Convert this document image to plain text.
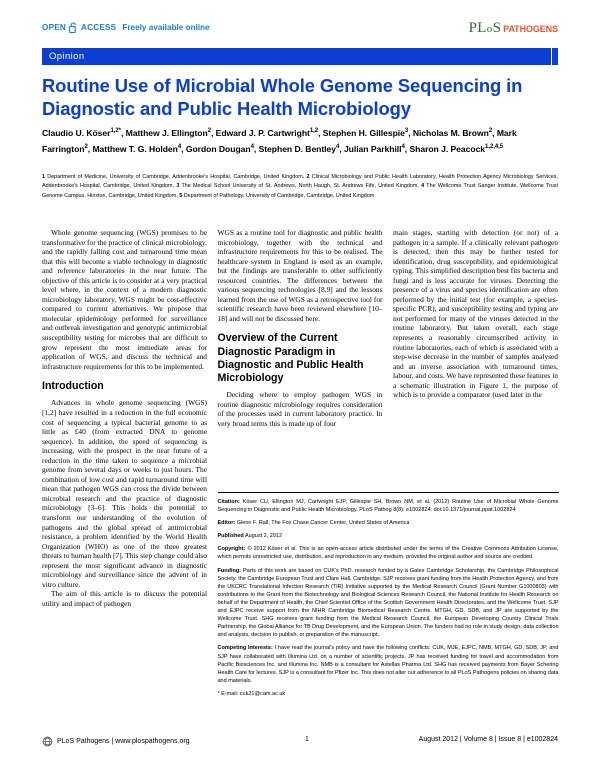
OPEN ACCESS Freely available online	PLoS PATHOGENS
Opinion
Routine Use of Microbial Whole Genome Sequencing in Diagnostic and Public Health Microbiology
Claudio U. Köser$^{1,2*}$, Matthew J. Ellington$^2$, Edward J. P. Cartwright$^{1,2}$, Stephen H. Gillespie$^3$, Nicholas M. Brown$^2$, Mark Farrington$^2$, Matthew T. G. Holden$^4$, Gordon Dougan$^4$, Stephen D. Bentley$^4$, Julian Parkhill$^4$, Sharon J. Peacock$^{1,2,4,5}$
1 Department of Medicine, University of Cambridge, Addenbrooke's Hospital, Cambridge, United Kingdom, 2 Clinical Microbiology and Public Health Laboratory, Health Protection Agency Microbiology Services, Addenbrooke's Hospital, Cambridge, United Kingdom, 3 The Medical School University of St. Andrews, North Haugh, St. Andrews Fife, United Kingdom, 4 The Wellcome Trust Sanger Institute, Wellcome Trust Genome Campus, Hinxton, Cambridge, United Kingdom, 5 Department of Pathology, University of Cambridge, Cambridge, United Kingdom

Whole genome sequencing (WGS) promises to be transformative for the practice of clinical microbiology, and the rapidly falling cost and turnaround time mean that this will become a viable technology in diagnostic and reference laboratories in the near future. The objective of this article is to consider at a very practical level where, in the context of a modern diagnostic microbiology laboratory, WGS might be cost-effective compared to current alternatives. We propose that molecular epidemiology performed for surveillance and outbreak investigation and genotypic antimicrobial susceptibility testing for microbes that are difficult to grow represent the most immediate areas for application of WGS, and discuss the technical and infrastructure requirements for this to be implemented.

Introduction

Advances in whole genome sequencing (WGS) [1,2] have resulted in a reduction in the full economic cost of sequencing a typical bacterial genome to as little as £40 (from extracted DNA to genome sequence). In addition, the speed of sequencing is increasing, with the prospect in the near future of a reduction in the time taken to sequence a microbial genome from several days or weeks to just hours. The combination of low cost and rapid turnaround time will mean that pathogen WGS can cross the divide between microbial research and the practice of diagnostic microbiology [3–6]. This holds the potential to transform our understanding of the evolution of pathogens and the global spread of antimicrobial resistance, a problem identified by the World Health Organization (WHO) as one of the three greatest threats to human health [7]. This step change could also represent the most significant advance in diagnostic microbiology and surveillance since the advent of in vitro culture.

The aim of this article is to discuss the potential utility and impact of pathogen

WGS as a routine tool for diagnostic and public health microbiology, together with the technical and infrastructure requirements for this to be realised. The healthcare system in England is used as an example, but the findings are transferable to other sufficiently resourced countries. The differences between the various sequencing technologies [8,9] and the lessons learned from the use of WGS as a retrospective tool for scientific research have been reviewed elsewhere [10–18] and will not be discussed here.

Overview of the Current Diagnostic Paradigm in Diagnostic and Public Health Microbiology

Deciding where to employ pathogen WGS in routine diagnostic microbiology requires consideration of the processes used in current laboratory practice. In very broad terms this is made up of four

main stages, starting with detection (or not) of a pathogen in a sample. If a clinically relevant pathogen is detected, then this may be further tested for identification, drug susceptibility, and epidemiological typing. This simplified description best fits bacteria and fungi and is less accurate for viruses. Detecting the presence of a virus and species identification are often performed by the initial test (for example, a species-specific PCR), and susceptibility testing and typing are not performed for many of the viruses detected in the routine laboratory. But taken overall, each stage represents a reasonably circumscribed activity in routine laboratories, each of which is associated with a step-wise decrease in the number of samples analysed and an inverse association with turnaround times, labour, and costs. We have represented these features in a schematic illustration in Figure 1, the purpose of which is to provide a comparator (used later in the

Citation: Köser CU, Ellington MJ, Cartwright EJP, Gillespie SH, Brown NM, et al. (2012) Routine Use of Microbial Whole Genome Sequencing in Diagnostic and Public Health Microbiology. PLoS Pathog 8(8): e1002824. doi:10.1371/journal.ppat.1002824

Editor: Glenn F. Rall, The Fox Chase Cancer Center, United States of America

Published August 2, 2012

Copyright: © 2012 Köser et al. This is an open-access article distributed under the terms of the Creative Commons Attribution License, which permits unrestricted use, distribution, and reproduction in any medium, provided the original author and source are credited.

Funding: Parts of this work are based on CUK's PhD. research funded by a Gates Cambridge Scholarship, the Cambridge Philosophical Society, the Cambridge European Trust and Clare Hall, Cambridge. SJP receives grant funding from the Health Protection Agency, and from the UKCRC Translational Infection Research (TIR) Initiative supported by the Medical Research Council (Grant Number G1000803) with contributions to the Grant from the Biotechnology and Biological Sciences Research Council, the National Institute for Health Research on behalf of the Department of Health, the Chief Scientist Office of the Scottish Government Health Directorates, and the Wellcome Trust. SJP and EJPC receive support from the NIHR Cambridge Biomedical Research Centre. MTGH, GD, SDB, and JP are supported by the Wellcome Trust. SHG receives grant funding from the Medical Research Council, the European Developing Country Clinical Trials Partnership, the Global Alliance for TB Drug Development, and the European Union. The funders had no role in study design, data collection and analysis, decision to publish, or preparation of the manuscript.

Competing Interests: I have read the journal's policy and have the following conflicts: CUK, MJE, EJPC, NMB, MTGH, GD, SDB, JP, and SJP have collaborated with Illumina Ltd. on a number of scientific projects. JP has received funding for travel and accommodation from Pacific Biosciences Inc. and Illumina Inc. NMB is a consultant for Astellas Pharma Ltd. SHG has received payments from Bayer Schering Health Care for lectures. SJP is a consultant for Pfizer Inc. This does not alter our adherence to all PLoS Pathogens policies on sharing data and materials.

* E-mail: cuk21@cam.ac.uk

PLoS Pathogens | www.plospathogens.org	1	August 2012 | Volume 8 | Issue 8 | e1002824
